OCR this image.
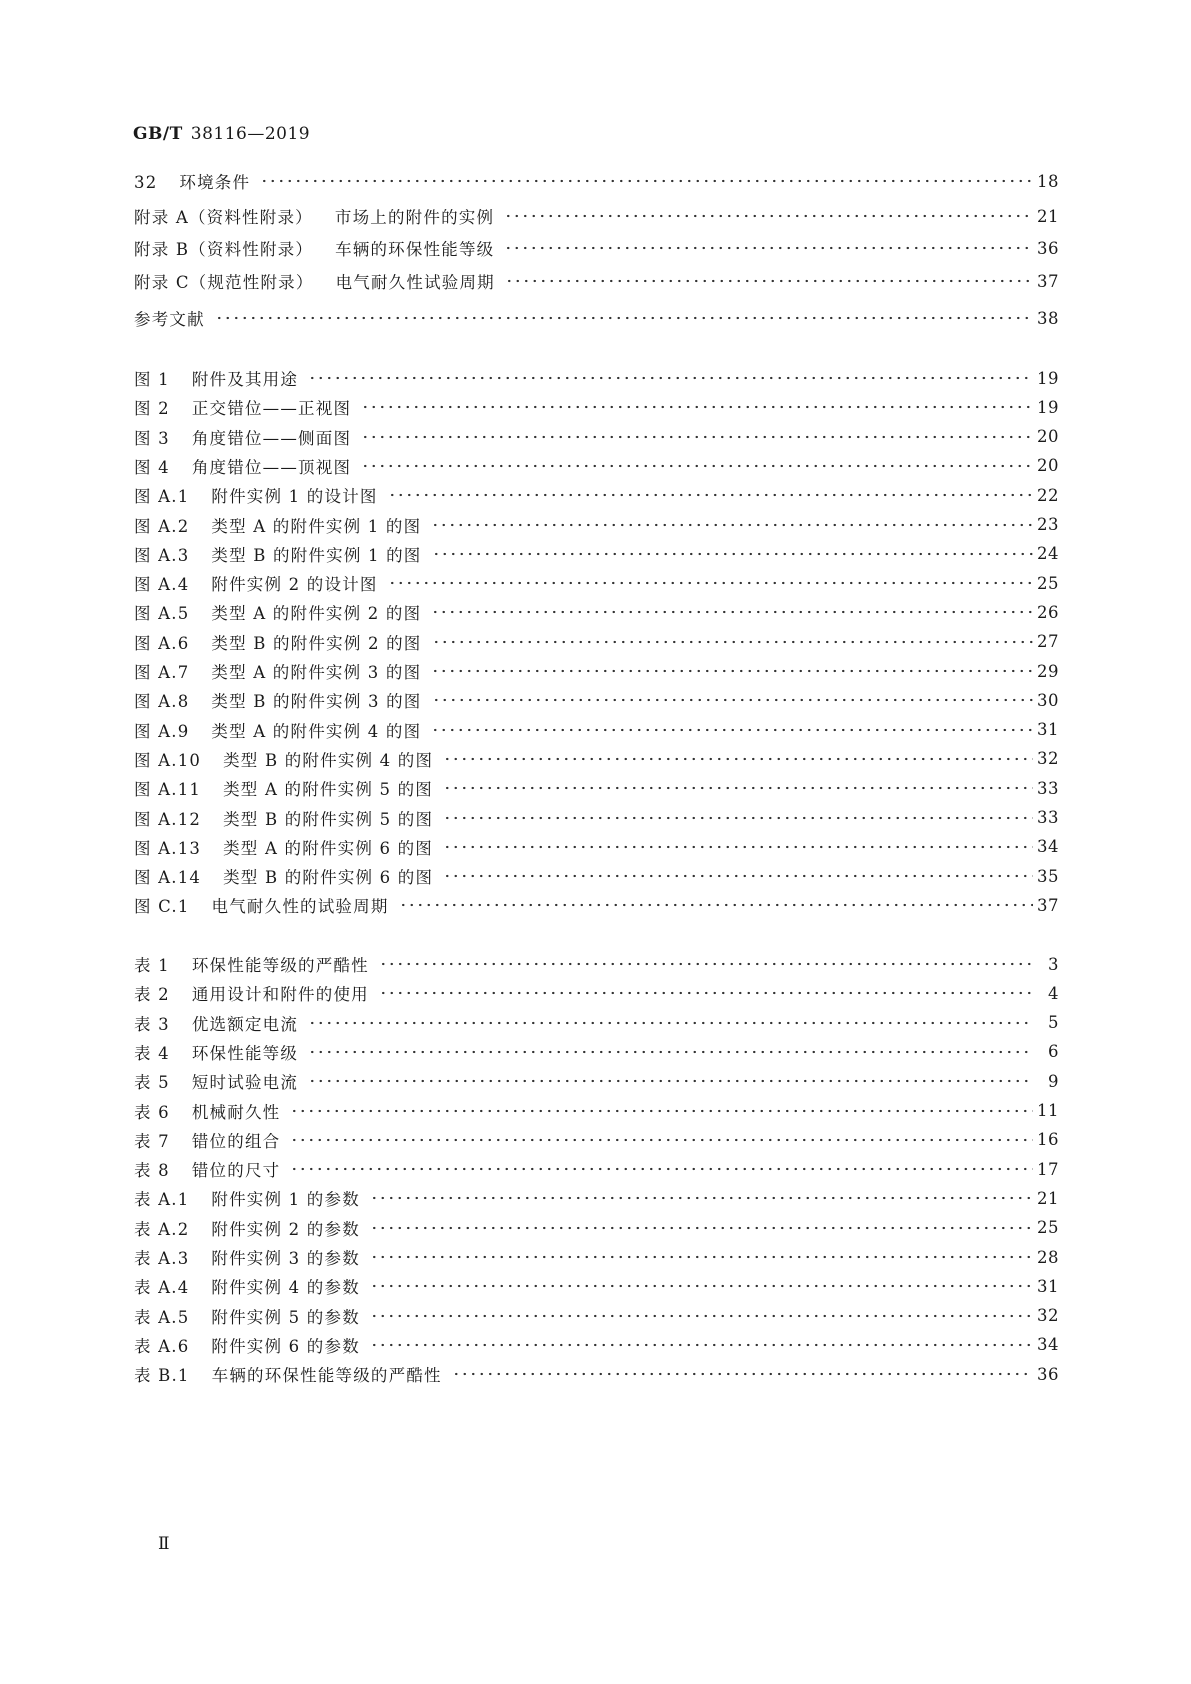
GB/T 38116—2019
32 环境条件	18
附录 A（资料性附录） 市场上的附件的实例	21
附录 B（资料性附录） 车辆的环保性能等级	36
附录 C（规范性附录） 电气耐久性试验周期	37
参考文献	38
图 1 附件及其用途	19
图 2 正交错位——正视图	19
图 3 角度错位——侧面图	20
图 4 角度错位——顶视图	20
图 A.1 附件实例 1 的设计图	22
图 A.2 类型 A 的附件实例 1 的图	23
图 A.3 类型 B 的附件实例 1 的图	24
图 A.4 附件实例 2 的设计图	25
图 A.5 类型 A 的附件实例 2 的图	26
图 A.6 类型 B 的附件实例 2 的图	27
图 A.7 类型 A 的附件实例 3 的图	29
图 A.8 类型 B 的附件实例 3 的图	30
图 A.9 类型 A 的附件实例 4 的图	31
图 A.10 类型 B 的附件实例 4 的图	32
图 A.11 类型 A 的附件实例 5 的图	33
图 A.12 类型 B 的附件实例 5 的图	33
图 A.13 类型 A 的附件实例 6 的图	34
图 A.14 类型 B 的附件实例 6 的图	35
图 C.1 电气耐久性的试验周期	37
表 1 环保性能等级的严酷性	3
表 2 通用设计和附件的使用	4
表 3 优选额定电流	5
表 4 环保性能等级	6
表 5 短时试验电流	9
表 6 机械耐久性	11
表 7 错位的组合	16
表 8 错位的尺寸	17
表 A.1 附件实例 1 的参数	21
表 A.2 附件实例 2 的参数	25
表 A.3 附件实例 3 的参数	28
表 A.4 附件实例 4 的参数	31
表 A.5 附件实例 5 的参数	32
表 A.6 附件实例 6 的参数	34
表 B.1 车辆的环保性能等级的严酷性	36
Ⅱ
